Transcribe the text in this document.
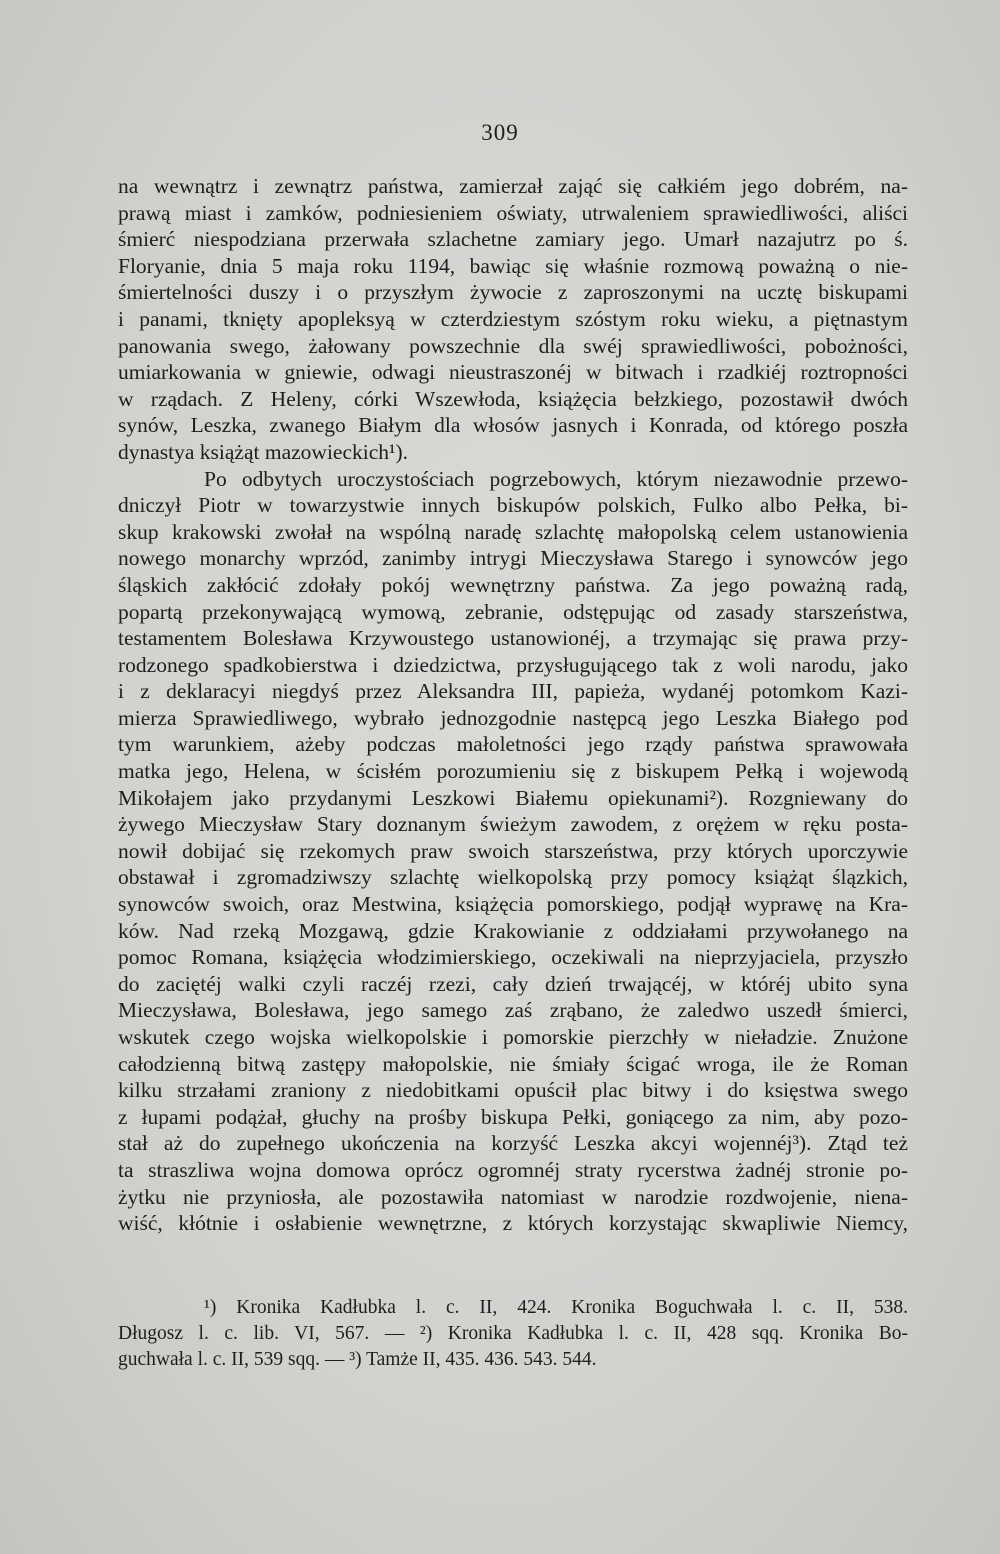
309
na wewnątrz i zewnątrz państwa, zamierzał zająć się całkiém jego dobrém, na-
prawą miast i zamków, podniesieniem oświaty, utrwaleniem sprawiedliwości, aliści
śmierć niespodziana przerwała szlachetne zamiary jego. Umarł nazajutrz po ś.
Floryanie, dnia 5 maja roku 1194, bawiąc się właśnie rozmową poważną o nie-
śmiertelności duszy i o przyszłym żywocie z zaproszonymi na ucztę biskupami
i panami, tknięty apopleksyą w czterdziestym szóstym roku wieku, a piętnastym
panowania swego, żałowany powszechnie dla swéj sprawiedliwości, pobożności,
umiarkowania w gniewie, odwagi nieustraszonéj w bitwach i rzadkiéj roztropności
w rządach. Z Heleny, córki Wszewłoda, książęcia bełzkiego, pozostawił dwóch
synów, Leszka, zwanego Białym dla włosów jasnych i Konrada, od którego poszła
dynastya książąt mazowieckich¹).
Po odbytych uroczystościach pogrzebowych, którym niezawodnie przewo-
dniczył Piotr w towarzystwie innych biskupów polskich, Fulko albo Pełka, bi-
skup krakowski zwołał na wspólną naradę szlachtę małopolską celem ustanowienia
nowego monarchy wprzód, zanimby intrygi Mieczysława Starego i synowców jego
śląskich zakłócić zdołały pokój wewnętrzny państwa. Za jego poważną radą,
popartą przekonywającą wymową, zebranie, odstępując od zasady starszeństwa,
testamentem Bolesława Krzywoustego ustanowionéj, a trzymając się prawa przy-
rodzonego spadkobierstwa i dziedzictwa, przysługującego tak z woli narodu, jako
i z deklaracyi niegdyś przez Aleksandra III, papieża, wydanéj potomkom Kazi-
mierza Sprawiedliwego, wybrało jednozgodnie następcą jego Leszka Białego pod
tym warunkiem, ażeby podczas małoletności jego rządy państwa sprawowała
matka jego, Helena, w ścisłém porozumieniu się z biskupem Pełką i wojewodą
Mikołajem jako przydanymi Leszkowi Białemu opiekunami²). Rozgniewany do
żywego Mieczysław Stary doznanym świeżym zawodem, z orężem w ręku posta-
nowił dobijać się rzekomych praw swoich starszeństwa, przy których uporczywie
obstawał i zgromadziwszy szlachtę wielkopolską przy pomocy książąt ślązkich,
synowców swoich, oraz Mestwina, książęcia pomorskiego, podjął wyprawę na Kra-
ków. Nad rzeką Mozgawą, gdzie Krakowianie z oddziałami przywołanego na
pomoc Romana, książęcia włodzimierskiego, oczekiwali na nieprzyjaciela, przyszło
do zaciętéj walki czyli raczéj rzezi, cały dzień trwającéj, w któréj ubito syna
Mieczysława, Bolesława, jego samego zaś zrąbano, że zaledwo uszedł śmierci,
wskutek czego wojska wielkopolskie i pomorskie pierzchły w nieładzie. Znużone
całodzienną bitwą zastępy małopolskie, nie śmiały ścigać wroga, ile że Roman
kilku strzałami zraniony z niedobitkami opuścił plac bitwy i do księstwa swego
z łupami podążał, głuchy na prośby biskupa Pełki, goniącego za nim, aby pozo-
stał aż do zupełnego ukończenia na korzyść Leszka akcyi wojennéj³). Ztąd też
ta straszliwa wojna domowa oprócz ogromnéj straty rycerstwa żadnéj stronie po-
żytku nie przyniosła, ale pozostawiła natomiast w narodzie rozdwojenie, niena-
wiść, kłótnie i osłabienie wewnętrzne, z których korzystając skwapliwie Niemcy,
¹) Kronika Kadłubka l. c. II, 424. Kronika Boguchwała l. c. II, 538.
Długosz l. c. lib. VI, 567. — ²) Kronika Kadłubka l. c. II, 428 sqq. Kronika Bo-
guchwała l. c. II, 539 sqq. — ³) Tamże II, 435. 436. 543. 544.
